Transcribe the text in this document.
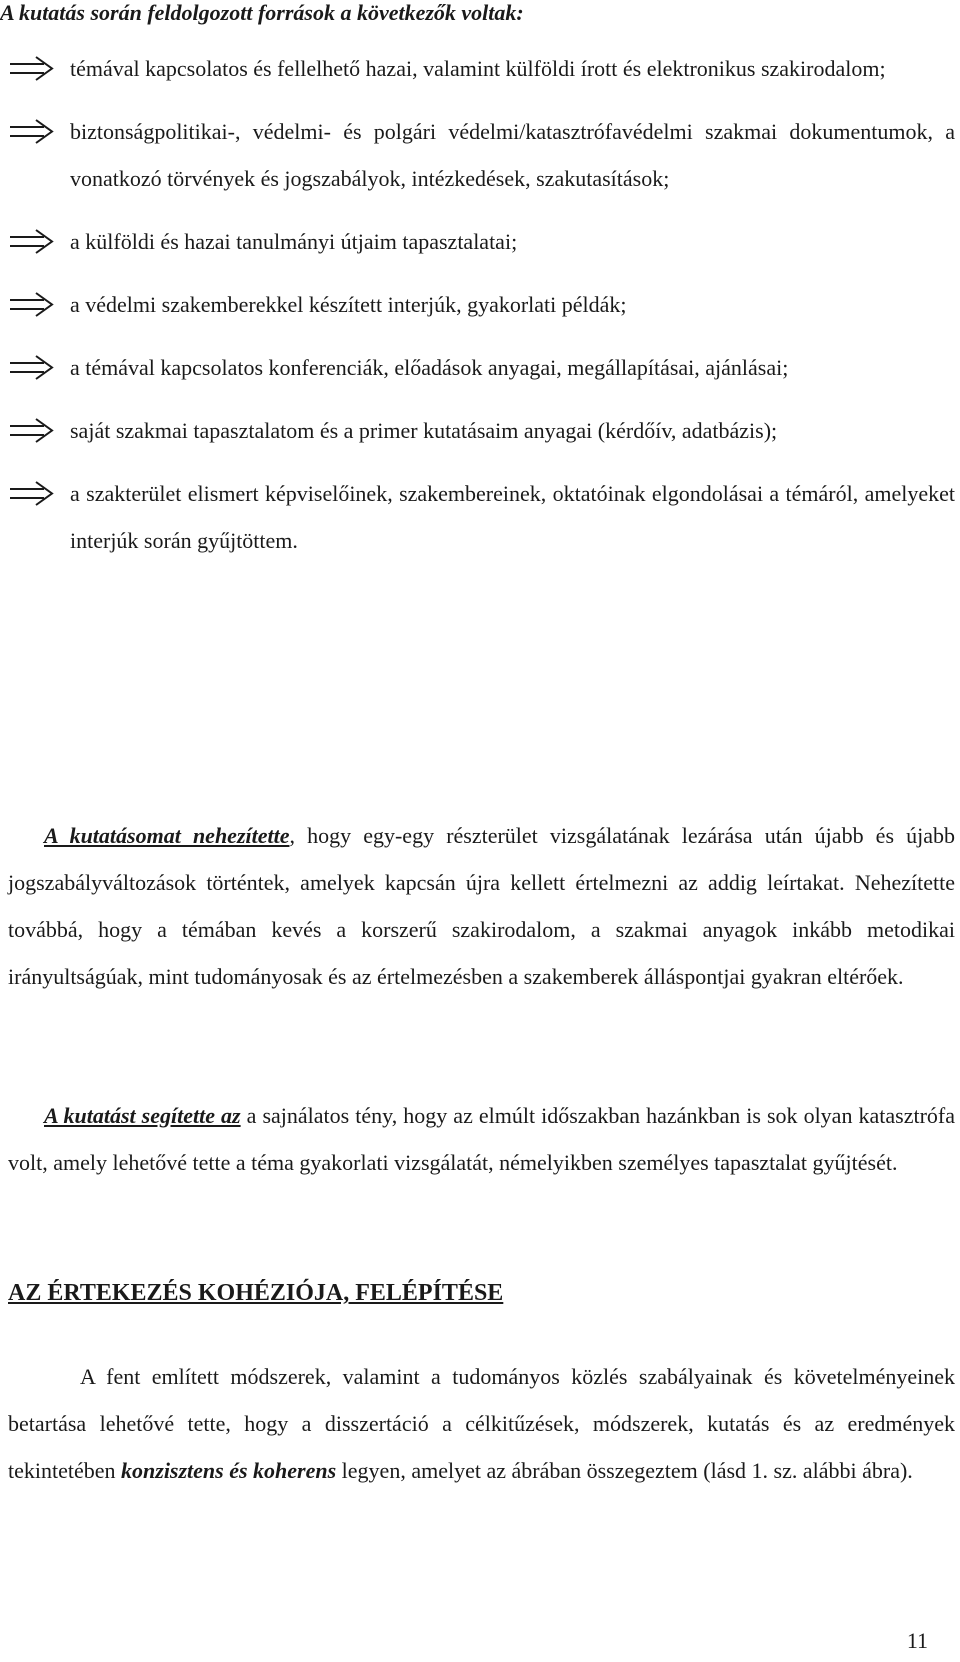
A kutatás során feldolgozott források a következők voltak:
témával kapcsolatos és fellelhető hazai, valamint külföldi írott és elektronikus szakirodalom;
biztonságpolitikai-, védelmi- és polgári védelmi/katasztrófavédelmi szakmai dokumentumok, a vonatkozó törvények és jogszabályok, intézkedések, szakutasítások;
a külföldi és hazai tanulmányi útjaim tapasztalatai;
a védelmi szakemberekkel készített interjúk, gyakorlati példák;
a témával kapcsolatos konferenciák, előadások anyagai, megállapításai, ajánlásai;
saját szakmai tapasztalatom és a primer kutatásaim anyagai (kérdőív, adatbázis);
a szakterület elismert képviselőinek, szakembereinek, oktatóinak elgondolásai a témáról, amelyeket interjúk során gyűjtöttem.
A kutatásomat nehezítette, hogy egy-egy részterület vizsgálatának lezárása után újabb és újabb jogszabályváltozások történtek, amelyek kapcsán újra kellett értelmezni az addig leírtakat. Nehezítette továbbá, hogy a témában kevés a korszerű szakirodalom, a szakmai anyagok inkább metodikai irányultságúak, mint tudományosak és az értelmezésben a szakemberek álláspontjai gyakran eltérőek.
A kutatást segítette az a sajnálatos tény, hogy az elmúlt időszakban hazánkban is sok olyan katasztrófa volt, amely lehetővé tette a téma gyakorlati vizsgálatát, némelyikben személyes tapasztalat gyűjtését.
AZ ÉRTEKEZÉS KOHÉZIÓJA, FELÉPÍTÉSE
A fent említett módszerek, valamint a tudományos közlés szabályainak és követelményeinek betartása lehetővé tette, hogy a disszertáció a célkitűzések, módszerek, kutatás és az eredmények tekintetében konzisztens és koherens legyen, amelyet az ábrában összegeztem (lásd 1. sz. alábbi ábra).
11
